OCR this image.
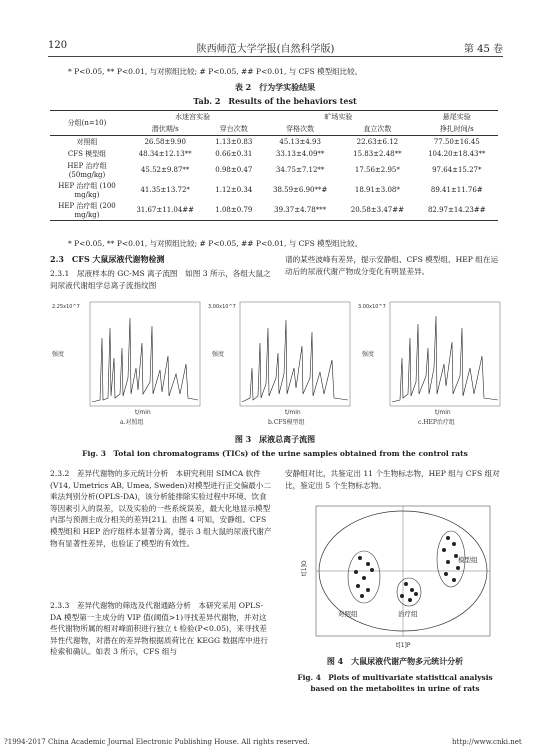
120	陕西师范大学学报(自然科学版)	第 45 卷
* P<0.05, ** P<0.01, 与对照组比较; # P<0.05, ## P<0.01, 与 CFS 模型组比较。
表 2　行为学实验结果
Tab. 2　Results of the behaviors test
分组(n=10)	水迷宫实验		旷场实验		悬尾实验
	潜伏期/s	穿台次数	穿格次数	直立次数	挣扎时间/s
对照组	26.58±9.90	1.13±0.83	45.13±4.93	22.63±6.12	77.50±16.45
CFS 模型组	48.34±12.13**	0.66±0.31	33.13±4.09**	15.83±2.48**	104.20±18.43**
HEP 治疗组 (50mg/kg)	45.52±9.87**	0.98±0.47	34.75±7.12**	17.56±2.95*	97.64±15.27*
HEP 治疗组 (100 mg/kg)	41.35±13.72*	1.12±0.34	38.59±6.90**#	18.91±3.08*	89.41±11.76#
HEP 治疗组 (200 mg/kg)	31.67±11.04##	1.08±0.79	39.37±4.78***	20.58±3.47##	82.97±14.23##
* P<0.05, ** P<0.01, 与对照组比较; # P<0.05, ## P<0.01, 与 CFS 模型组比较。
2.3　CFS 大鼠尿液代谢物检测
2.3.1　尿液样本的 GC-MS 离子流图　如图 3 所示，各组大鼠之间尿液代谢组学总离子流指纹图
谱的某些波峰有差异，提示安静组、CFS 模型组、HEP 组在运动后的尿液代谢产物成分变化有明显差异。
2.25x10^7
强度
t/min
a.对照组
3.00x10^7
强度
t/min
b.CFS模型组
3.00x10^7
强度
t/min
c.HEP治疗组
图 3　尿液总离子流图
Fig. 3　Total ion chromatograms (TICs) of the urine samples obtained from the control rats
2.3.2　差异代谢物的多元统计分析　本研究利用 SIMCA 软件(V14, Umetrics AB, Umea, Sweden)对模型进行正交偏最小二乘法判别分析(OPLS-DA)，该分析能排除实验过程中环境、饮食等因素引入的误差，以及实验的一些系统误差，最大化地显示模型内部与预测主成分相关的差异[21]。由图 4 可知，安静组、CFS 模型组和 HEP 治疗组样本显著分离，提示 3 组大鼠的尿液代谢产物有显著性差异，也验证了模型的有效性。
2.3.3　差异代谢物的筛选及代谢通路分析　本研究采用 OPLS-DA 模型第一主成分的 VIP 值(阈值>1)寻找差异代谢物，并对这些代谢物所属的相对峰面积进行独立 t 检验(P<0.05)，来寻找差异性代谢物，对潜在的差异物根据质荷比在 KEGG 数据库中进行检索和确认。如表 3 所示，CFS 组与
安静组对比，共鉴定出 11 个生物标志物，HEP 组与 CFS 组对比，鉴定出 5 个生物标志物。
t[1]O
t[1]P
对照组	治疗组
模型组
图 4　大鼠尿液代谢产物多元统计分析
Fig. 4　Plots of multivariate statistical analysis based on the metabolites in urine of rats
?1994-2017 China Academic Journal Electronic Publishing House. All rights reserved.	http://www.cnki.net
